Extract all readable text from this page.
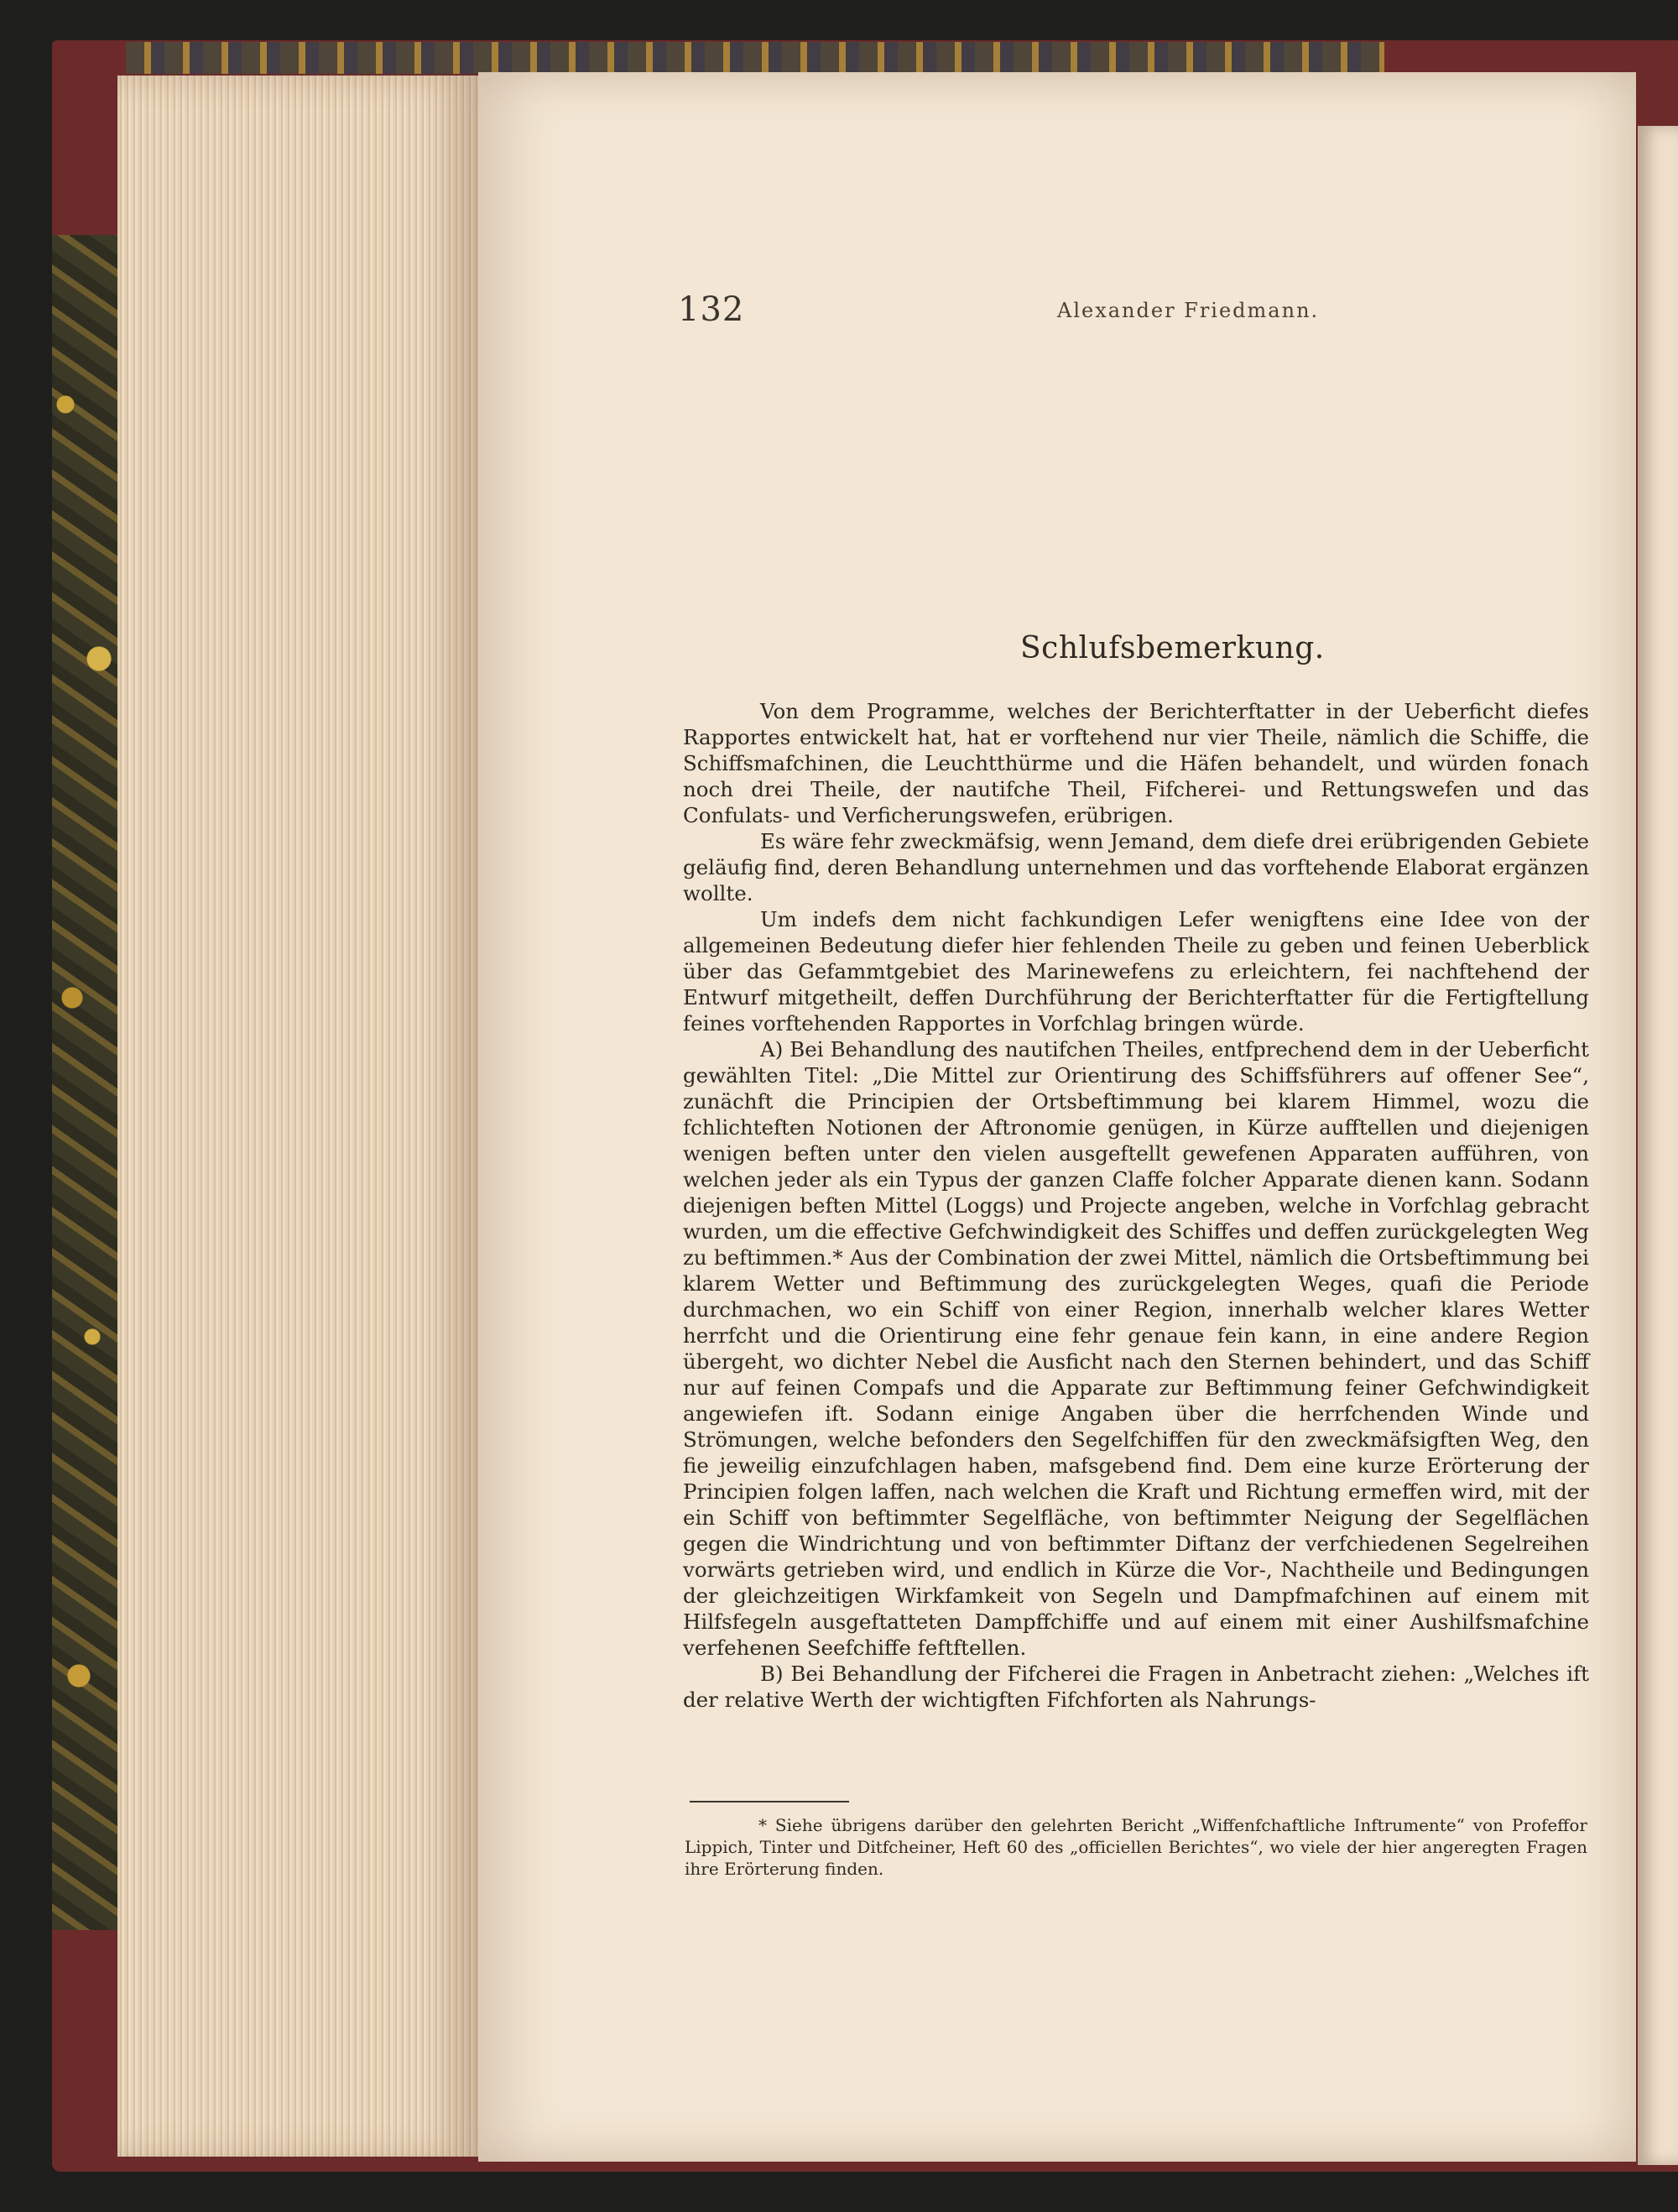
132	Alexander Friedmann.
Schlufsbemerkung.

Von dem Programme, welches der Berichterftatter in der Ueberficht diefes Rapportes entwickelt hat, hat er vorftehend nur vier Theile, nämlich die Schiffe, die Schiffsmafchinen, die Leuchtthürme und die Häfen behandelt, und würden fonach noch drei Theile, der nautifche Theil, Fifcherei- und Rettungswefen und das Confulats- und Verficherungswefen, erübrigen.

Es wäre fehr zweckmäfsig, wenn Jemand, dem diefe drei erübrigenden Gebiete geläufig find, deren Behandlung unternehmen und das vorftehende Elaborat ergänzen wollte.

Um indefs dem nicht fachkundigen Lefer wenigftens eine Idee von der allgemeinen Bedeutung diefer hier fehlenden Theile zu geben und feinen Ueberblick über das Gefammtgebiet des Marinewefens zu erleichtern, fei nachftehend der Entwurf mitgetheilt, deffen Durchführung der Berichterftatter für die Fertigftellung feines vorftehenden Rapportes in Vorfchlag bringen würde.

A) Bei Behandlung des nautifchen Theiles, entfprechend dem in der Ueberficht gewählten Titel: „Die Mittel zur Orientirung des Schiffsführers auf offener See“, zunächft die Principien der Ortsbeftimmung bei klarem Himmel, wozu die fchlichteften Notionen der Aftronomie genügen, in Kürze aufftellen und diejenigen wenigen beften unter den vielen ausgeftellt gewefenen Apparaten aufführen, von welchen jeder als ein Typus der ganzen Claffe folcher Apparate dienen kann. Sodann diejenigen beften Mittel (Loggs) und Projecte angeben, welche in Vorfchlag gebracht wurden, um die effective Gefchwindigkeit des Schiffes und deffen zurückgelegten Weg zu beftimmen.* Aus der Combination der zwei Mittel, nämlich die Ortsbeftimmung bei klarem Wetter und Beftimmung des zurückgelegten Weges, quafi die Periode durchmachen, wo ein Schiff von einer Region, innerhalb welcher klares Wetter herrfcht und die Orientirung eine fehr genaue fein kann, in eine andere Region übergeht, wo dichter Nebel die Ausficht nach den Sternen behindert, und das Schiff nur auf feinen Compafs und die Apparate zur Beftimmung feiner Gefchwindigkeit angewiefen ift. Sodann einige Angaben über die herrfchenden Winde und Strömungen, welche befonders den Segelfchiffen für den zweckmäfsigften Weg, den fie jeweilig einzufchlagen haben, mafsgebend find. Dem eine kurze Erörterung der Principien folgen laffen, nach welchen die Kraft und Richtung ermeffen wird, mit der ein Schiff von beftimmter Segelfläche, von beftimmter Neigung der Segelflächen gegen die Windrichtung und von beftimmter Diftanz der verfchiedenen Segelreihen vorwärts getrieben wird, und endlich in Kürze die Vor-, Nachtheile und Bedingungen der gleichzeitigen Wirkfamkeit von Segeln und Dampfmafchinen auf einem mit Hilfsfegeln ausgeftatteten Dampffchiffe und auf einem mit einer Aushilfsmafchine verfehenen Seefchiffe feftftellen.

B) Bei Behandlung der Fifcherei die Fragen in Anbetracht ziehen: „Welches ift der relative Werth der wichtigften Fifchforten als Nahrungs-

* Siehe übrigens darüber den gelehrten Bericht „Wiffenfchaftliche Inftrumente“ von Profeffor Lippich, Tinter und Ditfcheiner, Heft 60 des „officiellen Berichtes“, wo viele der hier angeregten Fragen ihre Erörterung finden.
